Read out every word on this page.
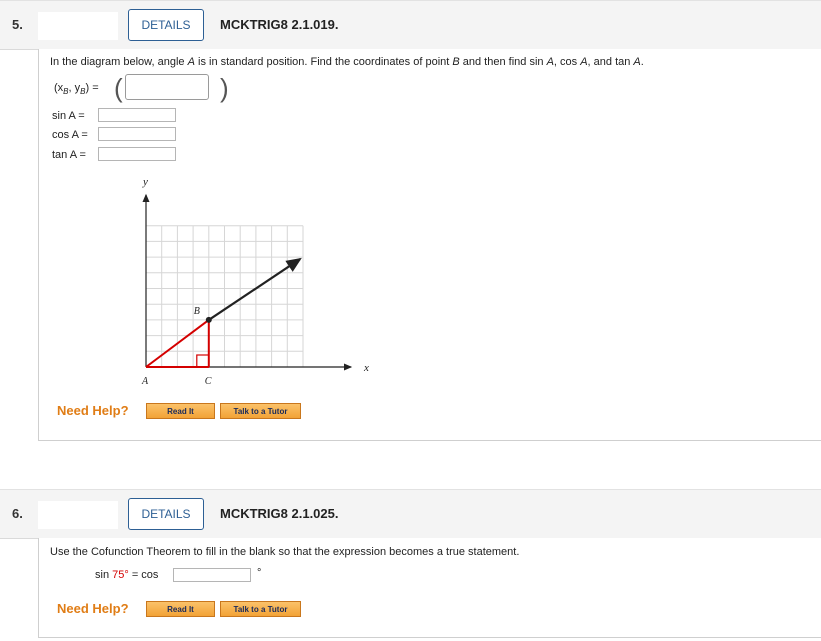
5.	DETAILS	MCKTRIG8 2.1.019.
In the diagram below, angle A is in standard position. Find the coordinates of point B and then find sin A, cos A, and tan A.
($x_B$, $y_B$) = (	)
sin A =
cos A =
tan A =
y
x
A
B
C
Need Help?	Read It	Talk to a Tutor
6.	DETAILS	MCKTRIG8 2.1.025.
Use the Cofunction Theorem to fill in the blank so that the expression becomes a true statement.
sin 75° = cos	°
Need Help?	Read It	Talk to a Tutor
